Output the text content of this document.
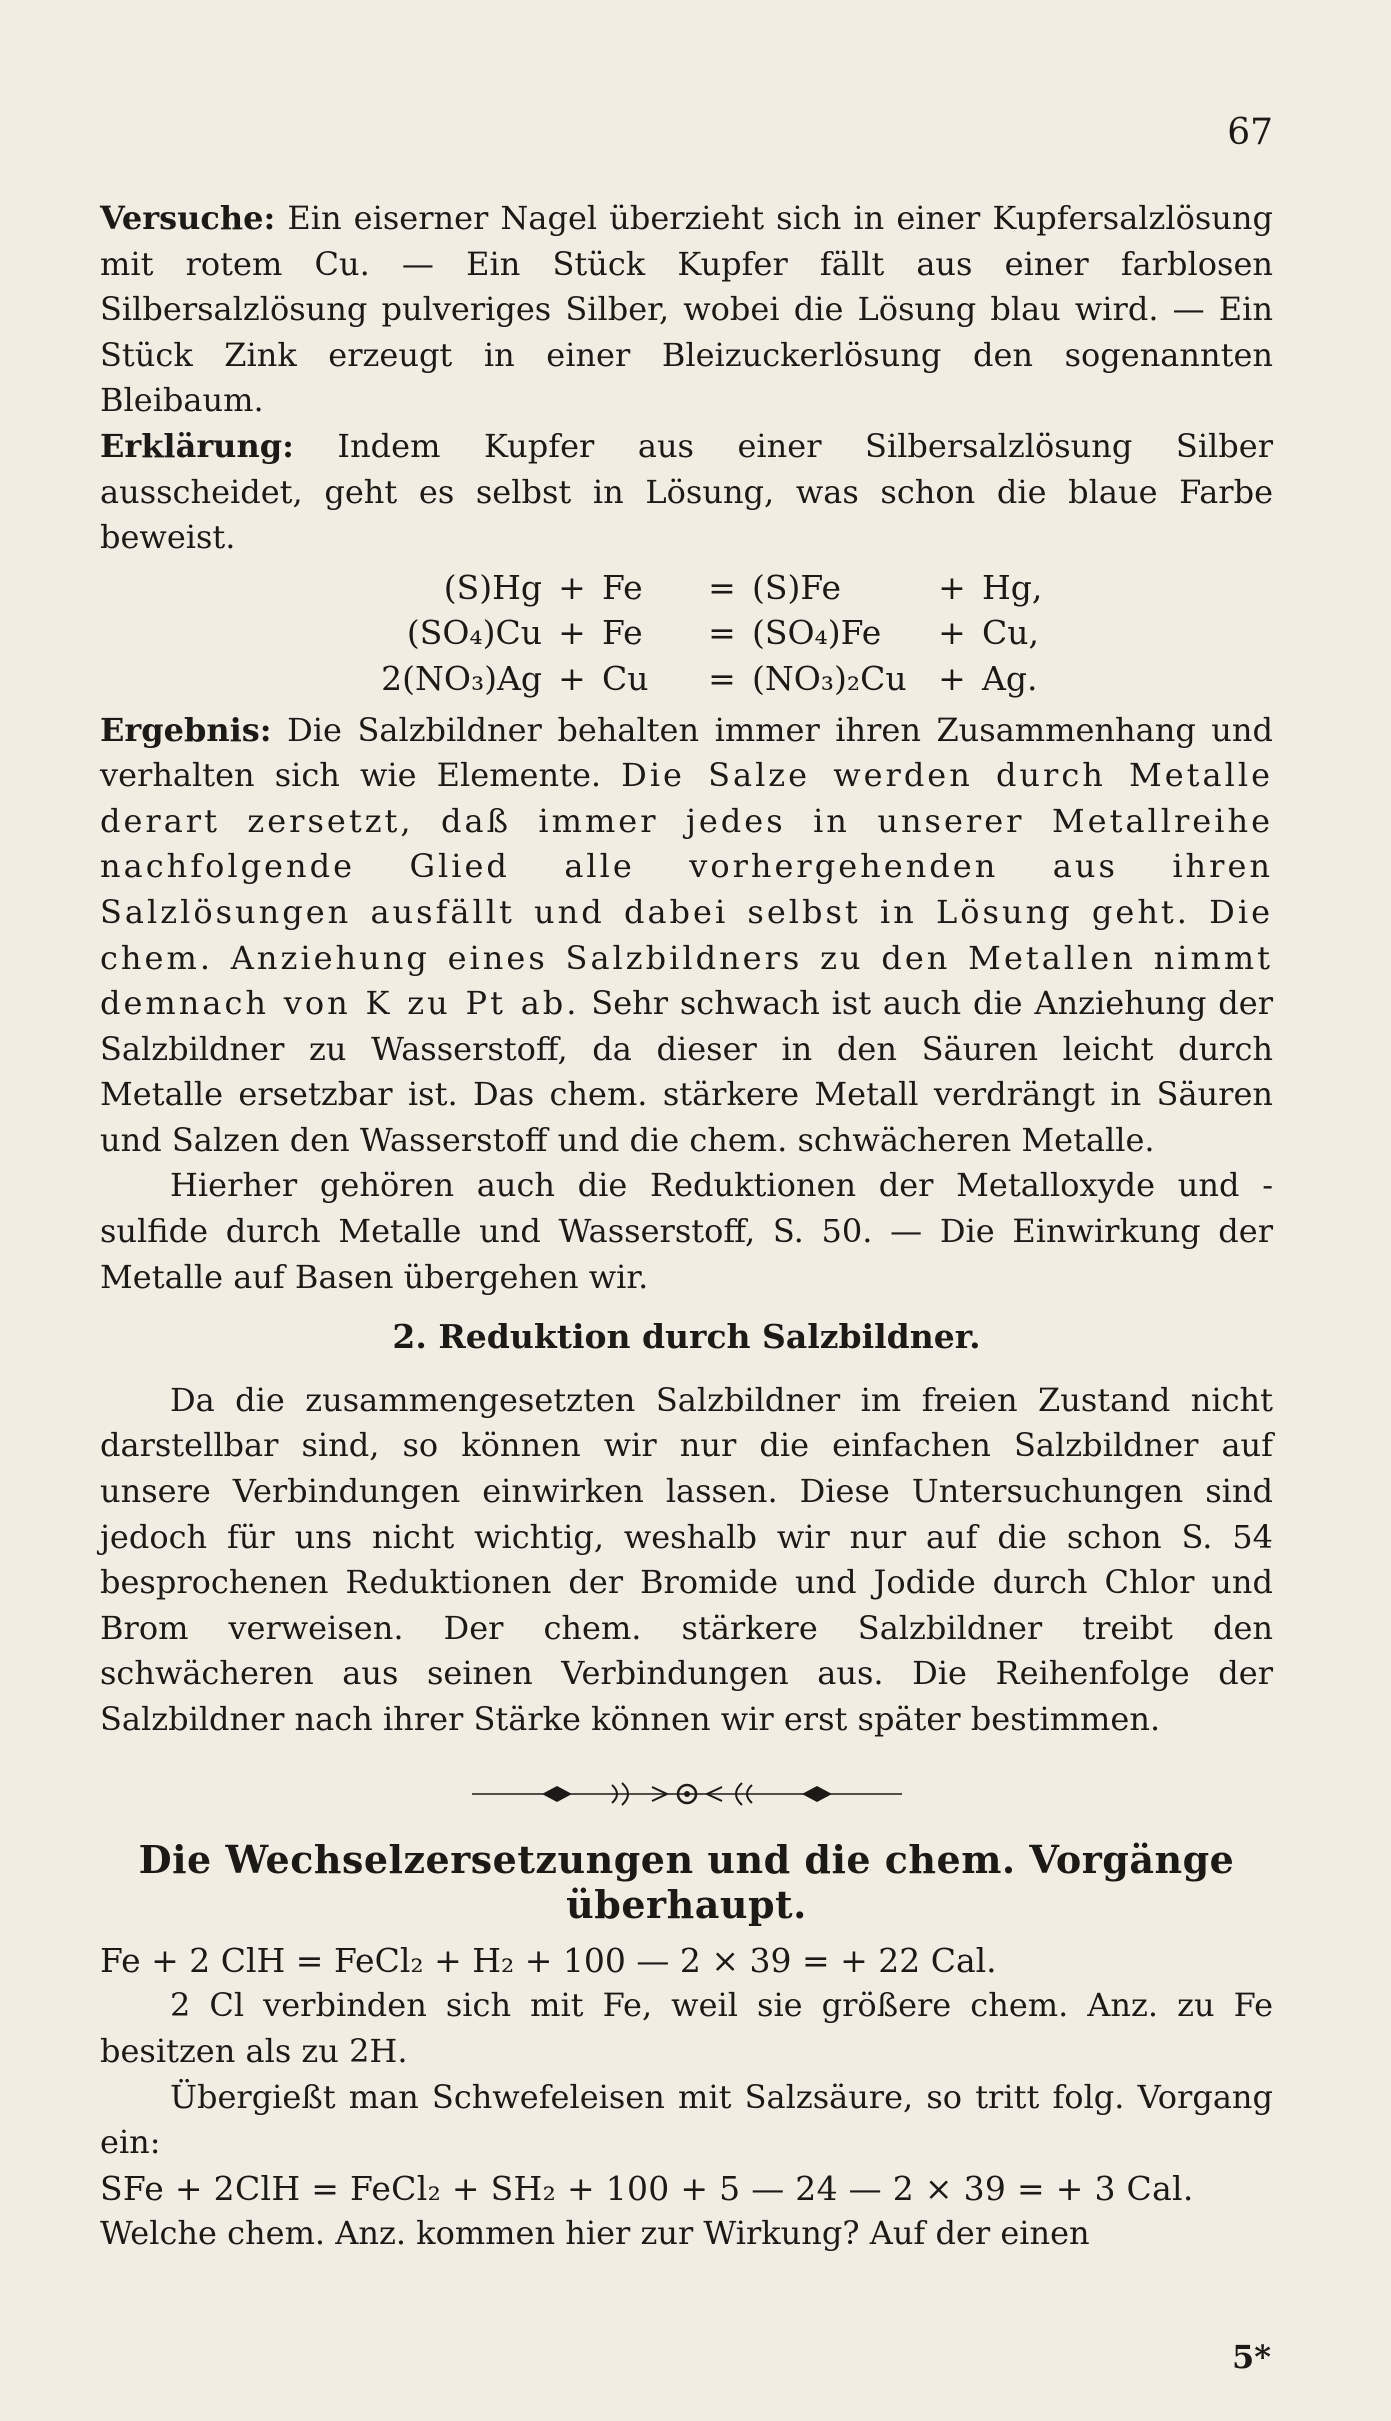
67

Versuche: Ein eiserner Nagel überzieht sich in einer Kupfersalzlösung mit rotem Cu. — Ein Stück Kupfer fällt aus einer farblosen Silbersalzlösung pulveriges Silber, wobei die Lösung blau wird. — Ein Stück Zink erzeugt in einer Bleizuckerlösung den sogenannten Bleibaum.

Erklärung: Indem Kupfer aus einer Silbersalzlösung Silber ausscheidet, geht es selbst in Lösung, was schon die blaue Farbe beweist.

(S)Hg + Fe	= (S)Fe	+ Hg,
(SO₄)Cu + Fe	= (SO₄)Fe	+ Cu,
2(NO₃)Ag + Cu	= (NO₃)₂Cu + Ag.

Ergebnis: Die Salzbildner behalten immer ihren Zusammenhang und verhalten sich wie Elemente. Die Salze werden durch Metalle derart zersetzt, daß immer jedes in unserer Metallreihe nachfolgende Glied alle vorhergehenden aus ihren Salzlösungen ausfällt und dabei selbst in Lösung geht. Die chem. Anziehung eines Salzbildners zu den Metallen nimmt demnach von K zu Pt ab. Sehr schwach ist auch die Anziehung der Salzbildner zu Wasserstoff, da dieser in den Säuren leicht durch Metalle ersetzbar ist. Das chem. stärkere Metall verdrängt in Säuren und Salzen den Wasserstoff und die chem. schwächeren Metalle.

Hierher gehören auch die Reduktionen der Metalloxyde und -sulfide durch Metalle und Wasserstoff, S. 50. — Die Einwirkung der Metalle auf Basen übergehen wir.

2. Reduktion durch Salzbildner.

Da die zusammengesetzten Salzbildner im freien Zustand nicht darstellbar sind, so können wir nur die einfachen Salzbildner auf unsere Verbindungen einwirken lassen. Diese Untersuchungen sind jedoch für uns nicht wichtig, weshalb wir nur auf die schon S. 54 besprochenen Reduktionen der Bromide und Jodide durch Chlor und Brom verweisen. Der chem. stärkere Salzbildner treibt den schwächeren aus seinen Verbindungen aus. Die Reihenfolge der Salzbildner nach ihrer Stärke können wir erst später bestimmen.

Die Wechselzersetzungen und die chem. Vorgänge überhaupt.

Fe + 2 ClH = FeCl₂ + H₂ + 100 — 2 × 39 = + 22 Cal.

2 Cl verbinden sich mit Fe, weil sie größere chem. Anz. zu Fe besitzen als zu 2H.

Übergießt man Schwefeleisen mit Salzsäure, so tritt folg. Vorgang ein:

SFe + 2ClH = FeCl₂ + SH₂ + 100 + 5 — 24 — 2 × 39 = + 3 Cal.

Welche chem. Anz. kommen hier zur Wirkung? Auf der einen

5*
